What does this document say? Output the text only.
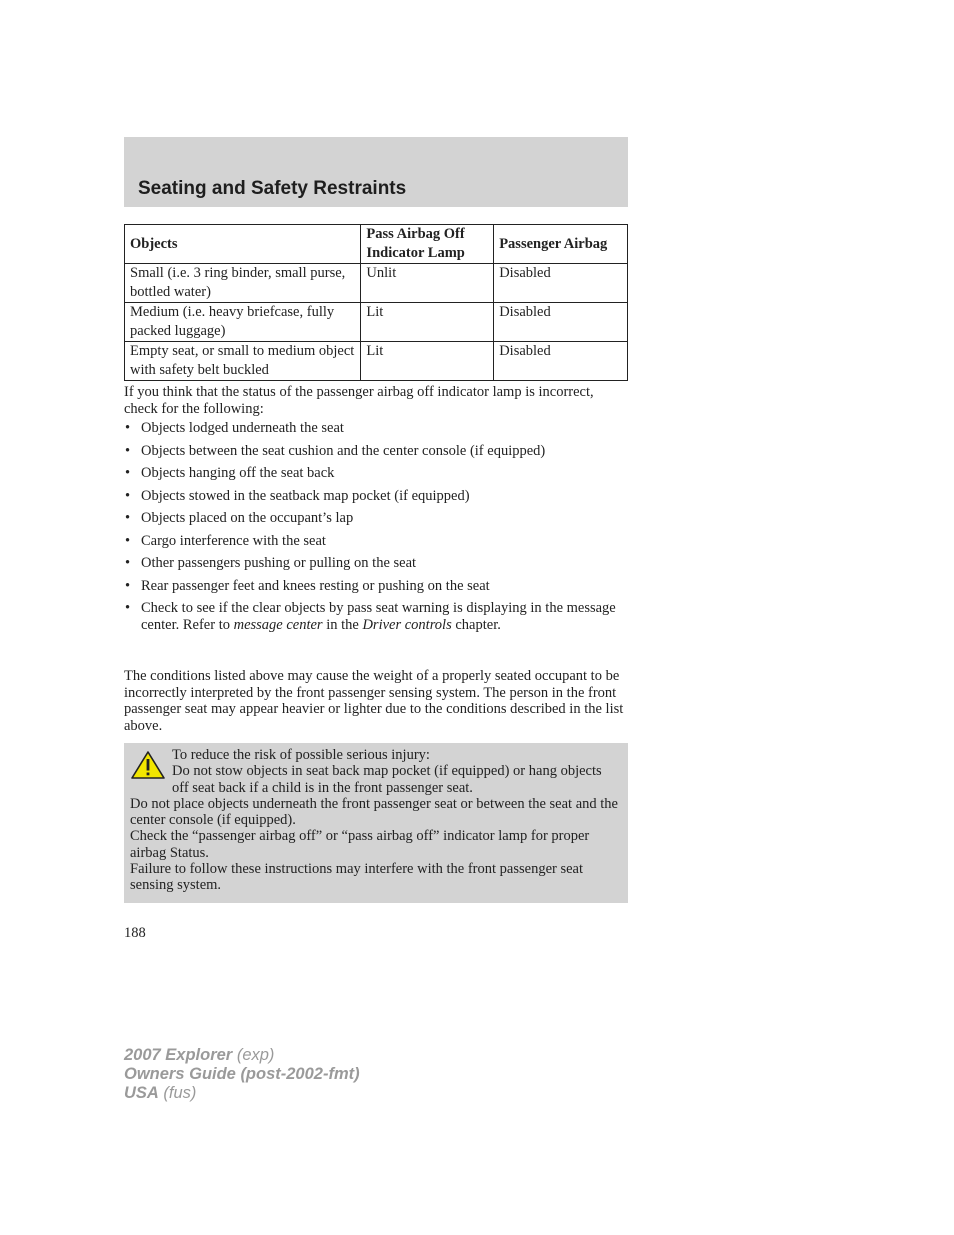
Seating and Safety Restraints
Objects	Pass Airbag Off Indicator Lamp	Passenger Airbag
Small (i.e. 3 ring binder, small purse, bottled water)	Unlit	Disabled
Medium (i.e. heavy briefcase, fully packed luggage)	Lit	Disabled
Empty seat, or small to medium object with safety belt buckled	Lit	Disabled
If you think that the status of the passenger airbag off indicator lamp is incorrect, check for the following:
• Objects lodged underneath the seat
• Objects between the seat cushion and the center console (if equipped)
• Objects hanging off the seat back
• Objects stowed in the seatback map pocket (if equipped)
• Objects placed on the occupant’s lap
• Cargo interference with the seat
• Other passengers pushing or pulling on the seat
• Rear passenger feet and knees resting or pushing on the seat
• Check to see if the clear objects by pass seat warning is displaying in the message center. Refer to message center in the Driver controls chapter.
The conditions listed above may cause the weight of a properly seated occupant to be incorrectly interpreted by the front passenger sensing system. The person in the front passenger seat may appear heavier or lighter due to the conditions described in the list above.
To reduce the risk of possible serious injury:
Do not stow objects in seat back map pocket (if equipped) or hang objects off seat back if a child is in the front passenger seat.
Do not place objects underneath the front passenger seat or between the seat and the center console (if equipped).
Check the “passenger airbag off” or “pass airbag off” indicator lamp for proper airbag Status.
Failure to follow these instructions may interfere with the front passenger seat sensing system.
188
2007 Explorer (exp)
Owners Guide (post-2002-fmt)
USA (fus)
